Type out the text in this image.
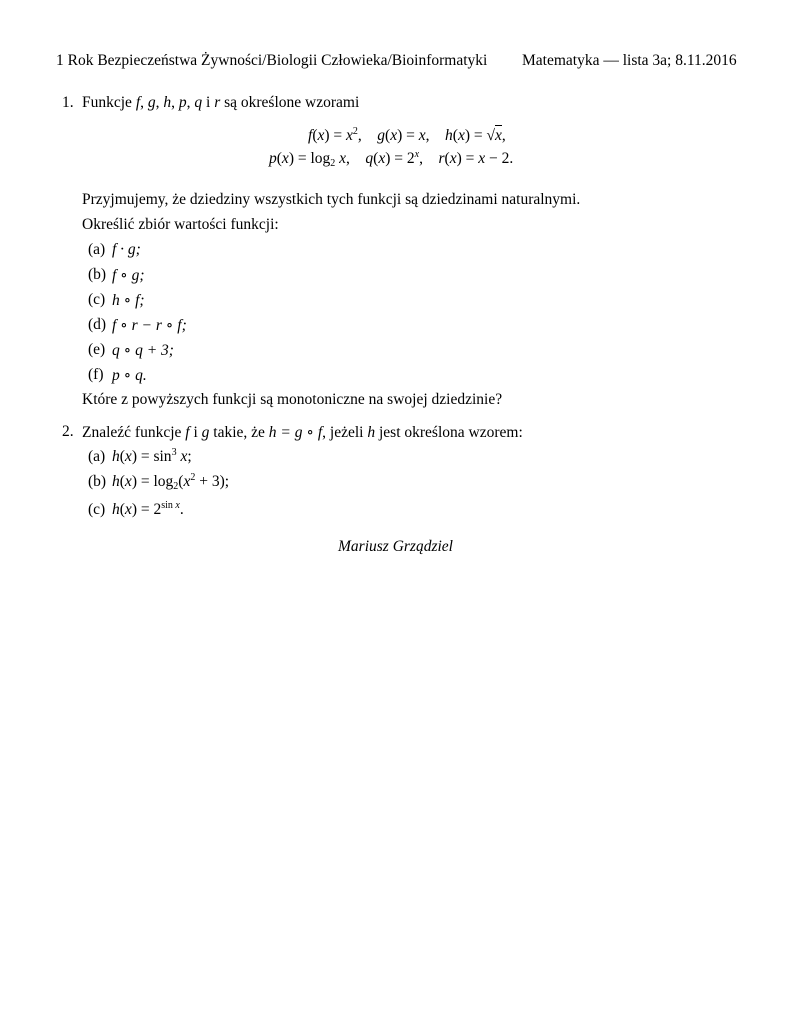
1 Rok Bezpieczeństwa Żywności/Biologii Człowieka/Bioinformatyki Matematyka — lista 3a; 8.11.2016
1. Funkcje f, g, h, p, q i r są określone wzorami
$f(x) = x^2$,    g(x) = x,    h(x) = √x,
$p(x) = \log_2 x$,    $q(x) = 2^x$,    r(x) = x − 2.
Przyjmujemy, że dziedziny wszystkich tych funkcji są dziedzinami naturalnymi.
Określić zbiór wartości funkcji:
(a) f · g;
(b) f ∘ g;
(c) h ∘ f;
(d) f ∘ r − r ∘ f;
(e) q ∘ q + 3;
(f) p ∘ q.
Które z powyższych funkcji są monotoniczne na swojej dziedzinie?
2. Znaleźć funkcje f i g takie, że h = g ∘ f, jeżeli h jest określona wzorem:
(a) $h(x) = \sin^3 x$;
(b) $h(x) = \log_2(x^2 + 3)$;
(c) $h(x) = 2^{sin x}$.
Mariusz Grządziel
